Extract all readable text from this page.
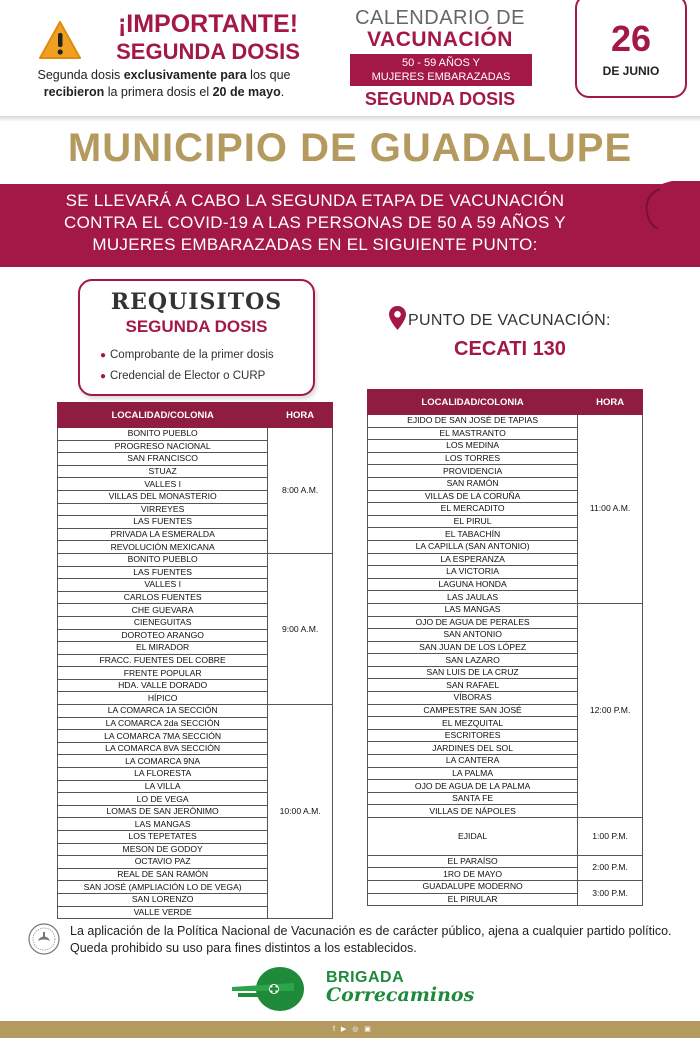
¡IMPORTANTE!
SEGUNDA DOSIS
Segunda dosis exclusivamente para los que
recibieron la primera dosis el 20 de mayo.
CALENDARIO DE
VACUNACIÓN
50 - 59 AÑOS Y
MUJERES EMBARAZADAS
SEGUNDA DOSIS
26
DE JUNIO
MUNICIPIO DE GUADALUPE
SE LLEVARÁ A CABO LA SEGUNDA ETAPA DE VACUNACIÓN
CONTRA EL COVID-19 A LAS PERSONAS DE 50 A 59 AÑOS Y
MUJERES EMBARAZADAS EN EL SIGUIENTE PUNTO:
REQUISITOS
SEGUNDA DOSIS
● Comprobante de la primer dosis
● Credencial de Elector o CURP
PUNTO DE VACUNACIÓN:
CECATI 130
LOCALIDAD/COLONIA	HORA
BONITO PUEBLO	8:00 A.M.
PROGRESO NACIONAL	
SAN FRANCISCO	
STUAZ	
VALLES I	
VILLAS DEL MONASTERIO	
VIRREYES	
LAS FUENTES	
PRIVADA LA ESMERALDA	
REVOLUCIÓN MEXICANA	
BONITO PUEBLO	9:00 A.M.
LAS FUENTES	
VALLES I	
CARLOS FUENTES	
CHE GUEVARA	
CIENEGUITAS	
DOROTEO ARANGO	
EL MIRADOR	
FRACC. FUENTES DEL COBRE	
FRENTE POPULAR	
HDA. VALLE DORADO	
HÍPICO	
LA COMARCA 1A SECCIÓN	10:00 A.M.
LA COMARCA 2da SECCIÓN	
LA COMARCA 7MA SECCIÓN	
LA COMARCA 8VA SECCIÓN	
LA COMARCA 9NA	
LA FLORESTA	
LA VILLA	
LO DE VEGA	
LOMAS DE SAN JERÓNIMO	
LAS MANGAS	
LOS TEPETATES	
MESON DE GODOY	
OCTAVIO PAZ	
REAL DE SAN RAMÓN	
SAN JOSÉ (AMPLIACIÓN LO DE VEGA)	
SAN LORENZO	
VALLE VERDE	
LOCALIDAD/COLONIA	HORA
EJIDO DE SAN JOSÉ DE TAPIAS	11:00 A.M.
EL MASTRANTO	
LOS MEDINA	
LOS TORRES	
PROVIDENCIA	
SAN RAMÓN	
VILLAS DE LA CORUÑA	
EL MERCADITO	
EL PIRUL	
EL TABACHÍN	
LA CAPILLA (SAN ANTONIO)	
LA ESPERANZA	
LA VICTORIA	
LAGUNA HONDA	
LAS JAULAS	
LAS MANGAS	12:00 P.M.
OJO DE AGUA DE PERALES	
SAN ANTONIO	
SAN JUAN DE LOS LÓPEZ	
SAN LAZARO	
SAN LUIS DE LA CRUZ	
SAN RAFAEL	
VÍBORAS	
CAMPESTRE SAN JOSÉ	
EL MEZQUITAL	
ESCRITORES	
JARDINES DEL SOL	
LA CANTERA	
LA PALMA	
OJO DE AGUA DE LA PALMA	
SANTA FE	
VILLAS DE NÁPOLES	
EJIDAL	1:00 P.M.
EL PARAÍSO	2:00 P.M.
1RO DE MAYO	
GUADALUPE MODERNO	3:00 P.M.
EL PIRULAR	
La aplicación de la Política Nacional de Vacunación es de carácter público, ajena a cualquier partido político. Queda prohibido su uso para fines distintos a los establecidos.
BRIGADA
Correcaminos
f ▶ ◎ ▣
